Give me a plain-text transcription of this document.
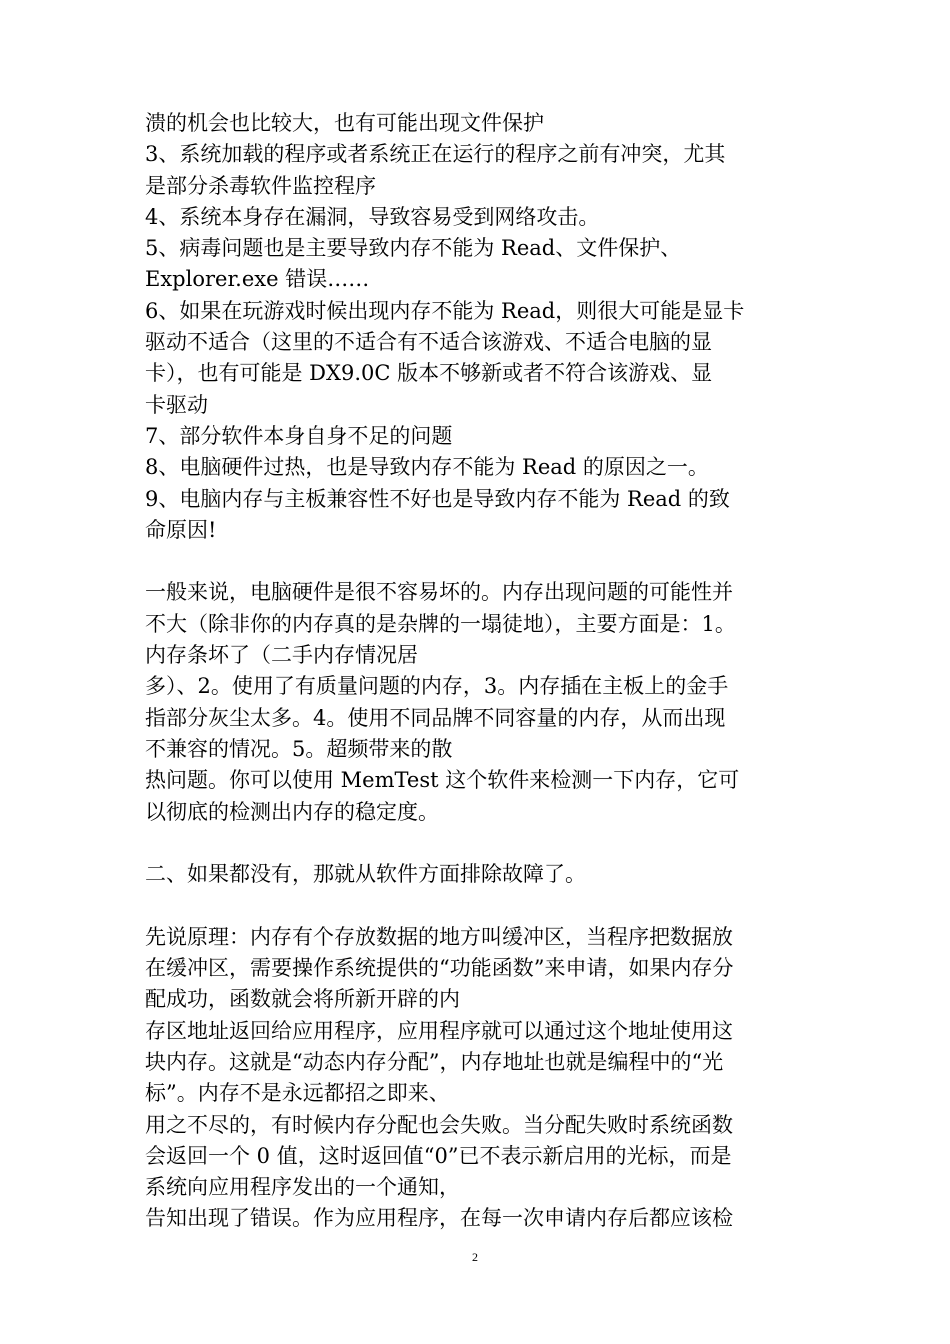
溃的机会也比较大，也有可能出现文件保护
3、系统加载的程序或者系统正在运行的程序之前有冲突，尤其
是部分杀毒软件监控程序
4、系统本身存在漏洞，导致容易受到网络攻击。
5、病毒问题也是主要导致内存不能为 Read、文件保护、
Explorer.exe 错误……
6、如果在玩游戏时候出现内存不能为 Read，则很大可能是显卡
驱动不适合（这里的不适合有不适合该游戏、不适合电脑的显
卡），也有可能是 DX9.0C 版本不够新或者不符合该游戏、显
卡驱动
7、部分软件本身自身不足的问题
8、电脑硬件过热，也是导致内存不能为 Read 的原因之一。
9、电脑内存与主板兼容性不好也是导致内存不能为 Read 的致
命原因!
一般来说，电脑硬件是很不容易坏的。内存出现问题的可能性并
不大（除非你的内存真的是杂牌的一塌徒地），主要方面是：1。
内存条坏了（二手内存情况居
多）、2。使用了有质量问题的内存，3。内存插在主板上的金手
指部分灰尘太多。4。使用不同品牌不同容量的内存，从而出现
不兼容的情况。5。超频带来的散
热问题。你可以使用 MemTest 这个软件来检测一下内存，它可
以彻底的检测出内存的稳定度。
二、如果都没有，那就从软件方面排除故障了。
先说原理：内存有个存放数据的地方叫缓冲区，当程序把数据放
在缓冲区，需要操作系统提供的“功能函数”来申请，如果内存分
配成功，函数就会将所新开辟的内
存区地址返回给应用程序，应用程序就可以通过这个地址使用这
块内存。这就是“动态内存分配”，内存地址也就是编程中的“光
标”。内存不是永远都招之即来、
用之不尽的，有时候内存分配也会失败。当分配失败时系统函数
会返回一个 0 值，这时返回值“0”已不表示新启用的光标，而是
系统向应用程序发出的一个通知，
告知出现了错误。作为应用程序，在每一次申请内存后都应该检
2
